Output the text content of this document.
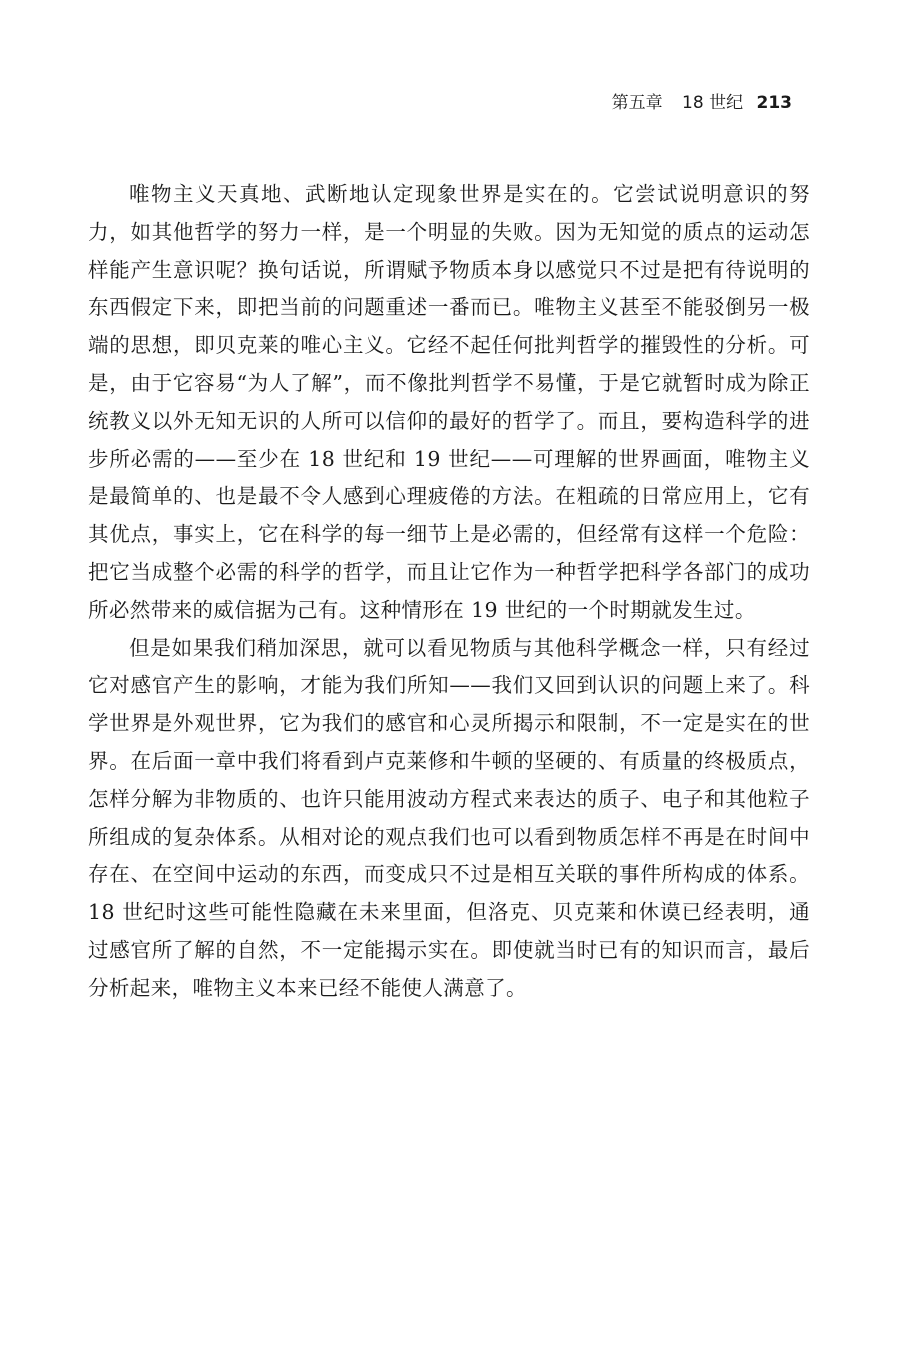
第五章 18 世纪 213

唯物主义天真地、武断地认定现象世界是实在的。它尝试说明意识的努力，如其他哲学的努力一样，是一个明显的失败。因为无知觉的质点的运动怎样能产生意识呢？换句话说，所谓赋予物质本身以感觉只不过是把有待说明的东西假定下来，即把当前的问题重述一番而已。唯物主义甚至不能驳倒另一极端的思想，即贝克莱的唯心主义。它经不起任何批判哲学的摧毁性的分析。可是，由于它容易“为人了解”，而不像批判哲学不易懂，于是它就暂时成为除正统教义以外无知无识的人所可以信仰的最好的哲学了。而且，要构造科学的进步所必需的——至少在 18 世纪和 19 世纪——可理解的世界画面，唯物主义是最简单的、也是最不令人感到心理疲倦的方法。在粗疏的日常应用上，它有其优点，事实上，它在科学的每一细节上是必需的，但经常有这样一个危险：把它当成整个必需的科学的哲学，而且让它作为一种哲学把科学各部门的成功所必然带来的威信据为己有。这种情形在 19 世纪的一个时期就发生过。

但是如果我们稍加深思，就可以看见物质与其他科学概念一样，只有经过它对感官产生的影响，才能为我们所知——我们又回到认识的问题上来了。科学世界是外观世界，它为我们的感官和心灵所揭示和限制，不一定是实在的世界。在后面一章中我们将看到卢克莱修和牛顿的坚硬的、有质量的终极质点，怎样分解为非物质的、也许只能用波动方程式来表达的质子、电子和其他粒子所组成的复杂体系。从相对论的观点我们也可以看到物质怎样不再是在时间中存在、在空间中运动的东西，而变成只不过是相互关联的事件所构成的体系。18 世纪时这些可能性隐藏在未来里面，但洛克、贝克莱和休谟已经表明，通过感官所了解的自然，不一定能揭示实在。即使就当时已有的知识而言，最后分析起来，唯物主义本来已经不能使人满意了。
